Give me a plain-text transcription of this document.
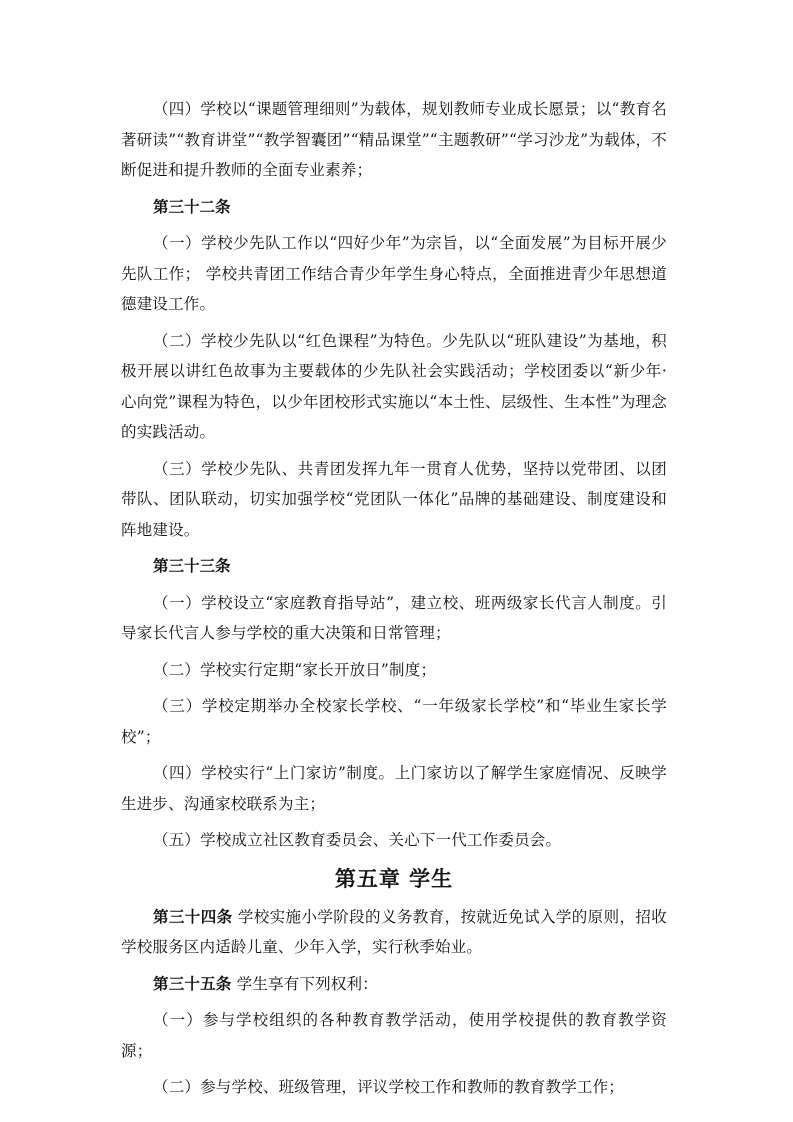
（四）学校以“课题管理细则”为载体，规划教师专业成长愿景；以“教育名著研读”“教育讲堂”“教学智囊团”“精品课堂”“主题教研”“学习沙龙”为载体，不断促进和提升教师的全面专业素养；

第三十二条

（一）学校少先队工作以“四好少年”为宗旨，以“全面发展”为目标开展少先队工作； 学校共青团工作结合青少年学生身心特点，全面推进青少年思想道德建设工作。

（二）学校少先队以“红色课程”为特色。少先队以“班队建设”为基地，积极开展以讲红色故事为主要载体的少先队社会实践活动；学校团委以“新少年·心向党”课程为特色，以少年团校形式实施以“本土性、层级性、生本性”为理念的实践活动。

（三）学校少先队、共青团发挥九年一贯育人优势，坚持以党带团、以团带队、团队联动，切实加强学校“党团队一体化”品牌的基础建设、制度建设和阵地建设。

第三十三条

（一）学校设立“家庭教育指导站”，建立校、班两级家长代言人制度。引导家长代言人参与学校的重大决策和日常管理；

（二）学校实行定期“家长开放日”制度；

（三）学校定期举办全校家长学校、“一年级家长学校”和“毕业生家长学校”；

（四）学校实行“上门家访”制度。上门家访以了解学生家庭情况、反映学生进步、沟通家校联系为主；

（五）学校成立社区教育委员会、关心下一代工作委员会。

第五章 学生

第三十四条 学校实施小学阶段的义务教育，按就近免试入学的原则，招收学校服务区内适龄儿童、少年入学，实行秋季始业。

第三十五条 学生享有下列权利：

（一）参与学校组织的各种教育教学活动，使用学校提供的教育教学资源；

（二）参与学校、班级管理，评议学校工作和教师的教育教学工作；
